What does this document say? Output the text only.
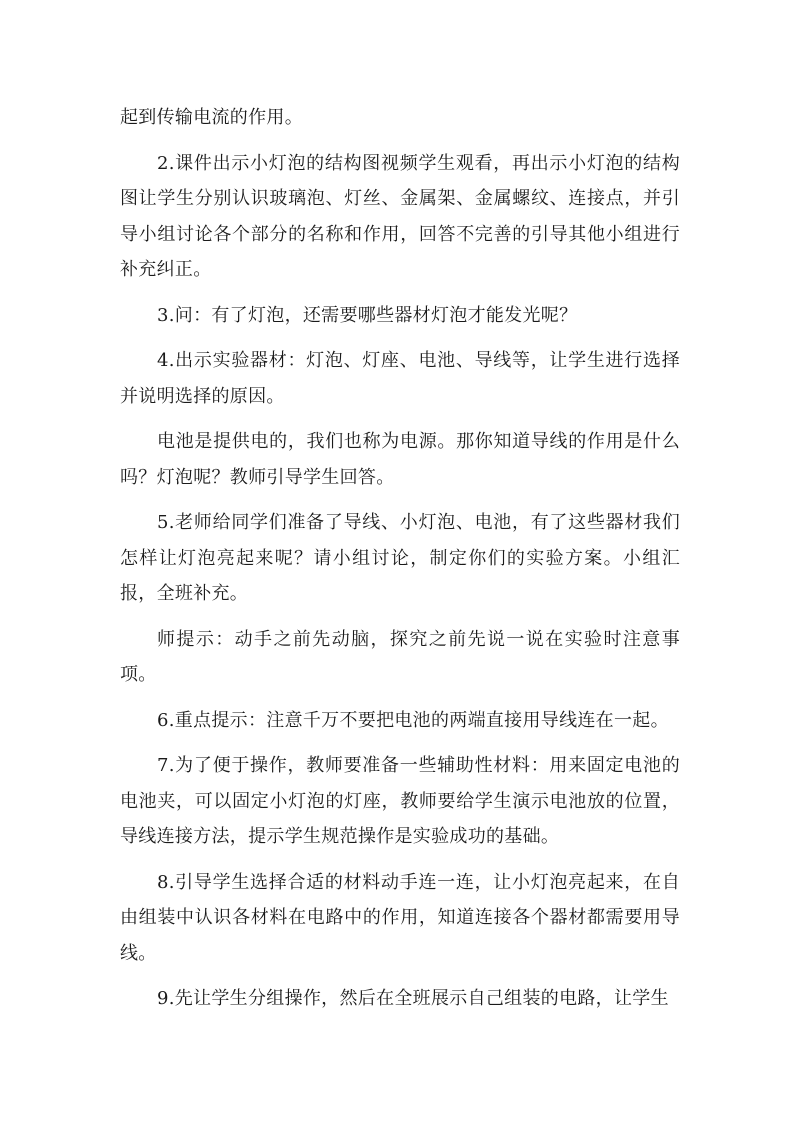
起到传输电流的作用。

2.课件出示小灯泡的结构图视频学生观看，再出示小灯泡的结构图让学生分别认识玻璃泡、灯丝、金属架、金属螺纹、连接点，并引导小组讨论各个部分的名称和作用，回答不完善的引导其他小组进行补充纠正。

3.问：有了灯泡，还需要哪些器材灯泡才能发光呢？

4.出示实验器材：灯泡、灯座、电池、导线等，让学生进行选择并说明选择的原因。

电池是提供电的，我们也称为电源。那你知道导线的作用是什么吗？灯泡呢？教师引导学生回答。

5.老师给同学们准备了导线、小灯泡、电池，有了这些器材我们怎样让灯泡亮起来呢？请小组讨论，制定你们的实验方案。小组汇报，全班补充。

师提示：动手之前先动脑，探究之前先说一说在实验时注意事项。

6.重点提示：注意千万不要把电池的两端直接用导线连在一起。

7.为了便于操作，教师要准备一些辅助性材料：用来固定电池的电池夹，可以固定小灯泡的灯座，教师要给学生演示电池放的位置，导线连接方法，提示学生规范操作是实验成功的基础。

8.引导学生选择合适的材料动手连一连，让小灯泡亮起来，在自由组装中认识各材料在电路中的作用，知道连接各个器材都需要用导线。

9.先让学生分组操作，然后在全班展示自己组装的电路，让学生
